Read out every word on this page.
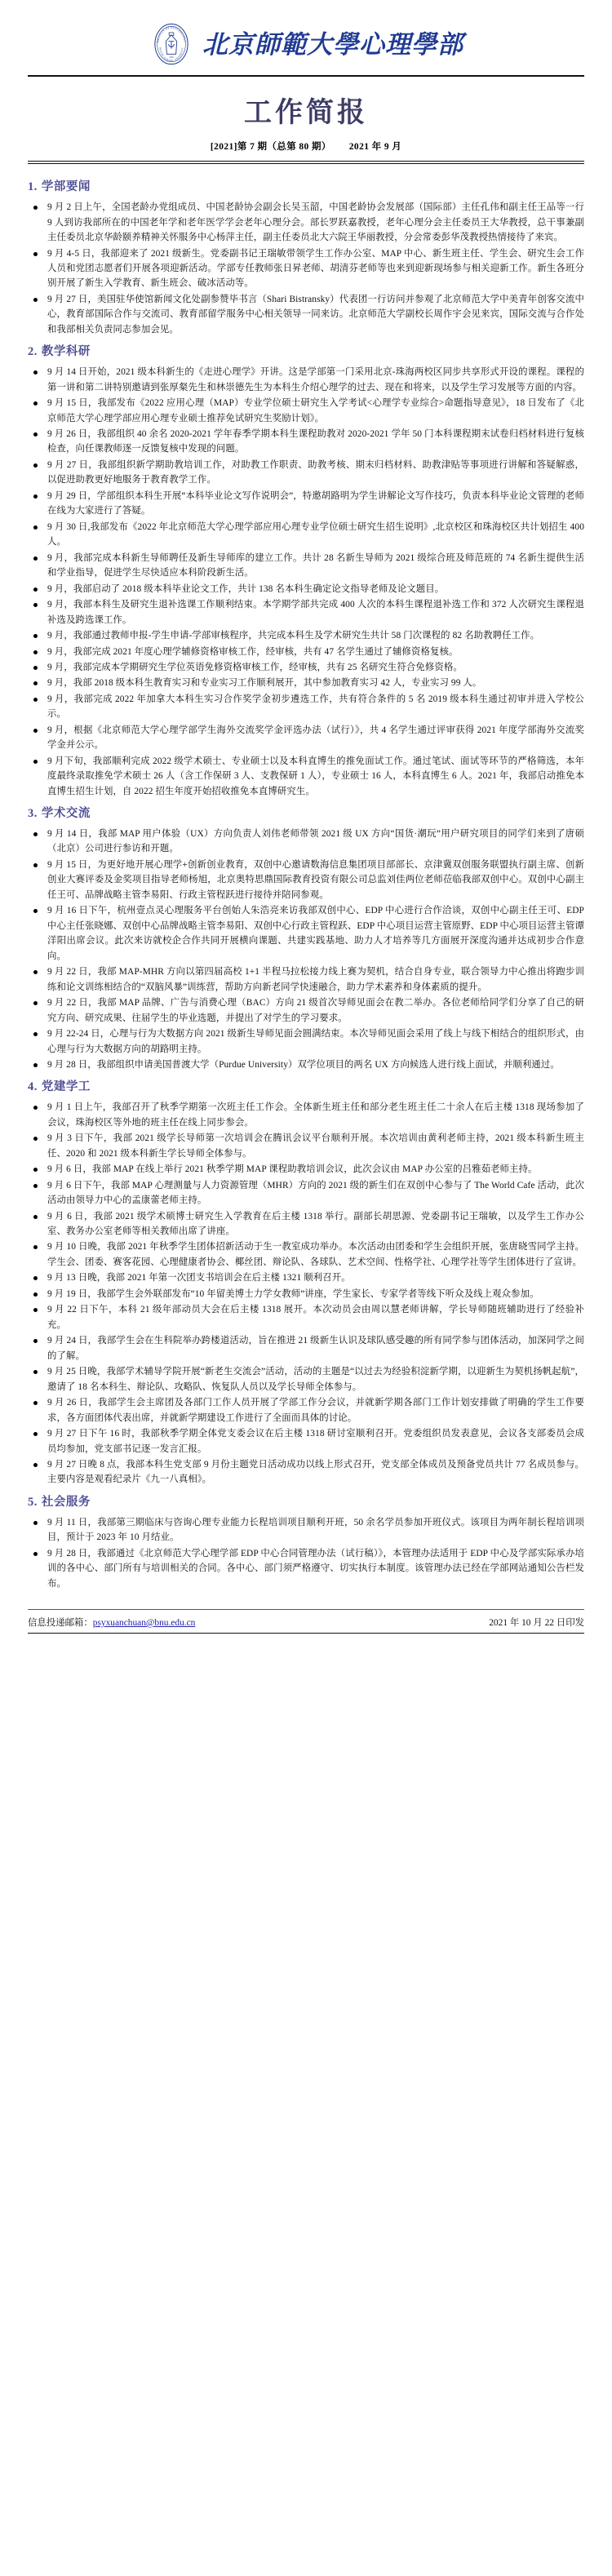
FACULTY OF PSYCHOLOGY
BEIJING NORMAL UNIVERSITY
1902 北京師範大學心理學部
工作简报
[2021]第 7 期（总第 80 期） 2021 年 9 月
1. 学部要闻
9 月 2 日上午，全国老龄办党组成员、中国老龄协会副会长吴玉韶，中国老龄协会发展部（国际部）主任孔伟和副主任王品等一行 9 人到访我部所在的中国老年学和老年医学学会老年心理分会。部长罗跃嘉教授，老年心理分会主任委员王大华教授，总干事兼副主任委员北京华龄颐养精神关怀服务中心杨萍主任，副主任委员北大六院王华丽教授，分会常委彭华茂教授热情接待了来宾。
9 月 4-5 日，我部迎来了 2021 级新生。党委副书记王瑞敏带领学生工作办公室、MAP 中心、新生班主任、学生会、研究生会工作人员和党团志愿者们开展各项迎新活动。学部专任教师张日昇老师、胡清芬老师等也来到迎新现场参与相关迎新工作。新生各班分别开展了新生入学教育、新生班会、破冰活动等。
9 月 27 日，美国驻华使馆新闻文化处副参赞毕书言（Shari Bistransky）代表团一行访问并参观了北京师范大学中美青年创客交流中心，教育部国际合作与交流司、教育部留学服务中心相关领导一同来访。北京师范大学副校长周作宇会见来宾，国际交流与合作处和我部相关负责同志参加会见。
2. 教学科研
9 月 14 日开始，2021 级本科新生的《走进心理学》开讲。这是学部第一门采用北京-珠海两校区同步共享形式开设的课程。课程的第一讲和第二讲特别邀请到张厚粲先生和林崇德先生为本科生介绍心理学的过去、现在和将来，以及学生学习发展等方面的内容。
9 月 15 日，我部发布《2022 应用心理（MAP）专业学位硕士研究生入学考试<心理学专业综合>命题指导意见》，18 日发布了《北京师范大学心理学部应用心理专业硕士推荐免试研究生奖励计划》。
9 月 26 日，我部组织 40 余名 2020-2021 学年春季学期本科生课程助教对 2020-2021 学年 50 门本科课程期末试卷归档材料进行复核检查，向任课教师逐一反馈复核中发现的问题。
9 月 27 日，我部组织新学期助教培训工作，对助教工作职责、助教考核、期末归档材料、助教津贴等事项进行讲解和答疑解惑，以促进助教更好地服务于教育教学工作。
9 月 29 日，学部组织本科生开展“本科毕业论文写作说明会”，特邀胡路明为学生讲解论文写作技巧，负责本科毕业论文管理的老师在线为大家进行了答疑。
9 月 30 日,我部发布《2022 年北京师范大学心理学部应用心理专业学位硕士研究生招生说明》,北京校区和珠海校区共计划招生 400 人。
9 月，我部完成本科新生导师聘任及新生导师库的建立工作。共计 28 名新生导师为 2021 级综合班及师范班的 74 名新生提供生活和学业指导，促进学生尽快适应本科阶段新生活。
9 月，我部启动了 2018 级本科毕业论文工作，共计 138 名本科生确定论文指导老师及论文题目。
9 月，我部本科生及研究生退补选课工作顺利结束。本学期学部共完成 400 人次的本科生课程退补选工作和 372 人次研究生课程退补选及跨选课工作。
9 月，我部通过教师申报-学生申请-学部审核程序，共完成本科生及学术研究生共计 58 门次课程的 82 名助教聘任工作。
9 月，我部完成 2021 年度心理学辅修资格审核工作，经审核，共有 47 名学生通过了辅修资格复核。
9 月，我部完成本学期研究生学位英语免修资格审核工作，经审核，共有 25 名研究生符合免修资格。
9 月，我部 2018 级本科生教育实习和专业实习工作顺利展开，其中参加教育实习 42 人，专业实习 99 人。
9 月，我部完成 2022 年加拿大本科生实习合作奖学金初步遴选工作，共有符合条件的 5 名 2019 级本科生通过初审并进入学校公示。
9 月，根据《北京师范大学心理学部学生海外交流奖学金评选办法（试行）》，共 4 名学生通过评审获得 2021 年度学部海外交流奖学金并公示。
9 月下旬，我部顺利完成 2022 级学术硕士、专业硕士以及本科直博生的推免面试工作。通过笔试、面试等环节的严格筛选，本年度最终录取推免学术硕士 26 人（含工作保研 3 人、支教保研 1 人），专业硕士 16 人，本科直博生 6 人。2021 年，我部启动推免本直博生招生计划，自 2022 招生年度开始招收推免本直博研究生。
3. 学术交流
9 月 14 日，我部 MAP 用户体验（UX）方向负责人刘伟老师带领 2021 级 UX 方向“国货·潮玩”用户研究项目的同学们来到了唐硕（北京）公司进行参访和开题。
9 月 15 日，为更好地开展心理学+创新创业教育，双创中心邀请数海信息集团项目部部长、京津冀双创服务联盟执行副主席、创新创业大赛评委及金奖项目指导老师杨旭，北京奥特思鼎国际教育投资有限公司总监刘佳两位老师莅临我部双创中心。双创中心副主任王可、品牌战略主管李易阳、行政主管程跃进行接待并陪同参观。
9 月 16 日下午，杭州壹点灵心理服务平台创始人朱浩亮来访我部双创中心、EDP 中心进行合作洽谈，双创中心副主任王可、EDP 中心主任张晓娜、双创中心品牌战略主管李易阳、双创中心行政主管程跃、EDP 中心项目运营主管原野、EDP 中心项目运营主管谭洋阳出席会议。此次来访就校企合作共同开展横向课题、共建实践基地、助力人才培养等几方面展开深度沟通并达成初步合作意向。
9 月 22 日，我部 MAP-MHR 方向以第四届高校 1+1 半程马拉松接力线上赛为契机，结合自身专业，联合领导力中心推出将跑步训练和论文训练相结合的“双脑风暴”训练营，帮助方向新老同学快速融合，助力学术素养和身体素质的提升。
9 月 22 日，我部 MAP 品牌、广告与消费心理（BAC）方向 21 级首次导师见面会在教二举办。各位老师给同学们分享了自己的研究方向、研究成果、往届学生的毕业选题，并提出了对学生的学习要求。
9 月 22-24 日，心理与行为大数据方向 2021 级新生导师见面会圆满结束。本次导师见面会采用了线上与线下相结合的组织形式，由心理与行为大数据方向的胡路明主持。
9 月 28 日，我部组织申请美国普渡大学（Purdue University）双学位项目的两名 UX 方向候选人进行线上面试，并顺利通过。
4. 党建学工
9 月 1 日上午，我部召开了秋季学期第一次班主任工作会。全体新生班主任和部分老生班主任二十余人在后主楼 1318 现场参加了会议，珠海校区等外地的班主任在线上同步参会。
9 月 3 日下午，我部 2021 级学长导师第一次培训会在腾讯会议平台顺利开展。本次培训由黄利老师主持，2021 级本科新生班主任、2020 和 2021 级本科新生学长导师全体参与。
9 月 6 日，我部 MAP 在线上举行 2021 秋季学期 MAP 课程助教培训会议，此次会议由 MAP 办公室的吕雅茹老师主持。
9 月 6 日下午，我部 MAP 心理测量与人力资源管理（MHR）方向的 2021 级的新生们在双创中心参与了 The World Cafe 活动，此次活动由领导力中心的孟康蕾老师主持。
9 月 6 日，我部 2021 级学术硕博士研究生入学教育在后主楼 1318 举行。副部长胡思源、党委副书记王瑞敏，以及学生工作办公室、教务办公室老师等相关教师出席了讲座。
9 月 10 日晚，我部 2021 年秋季学生团体招新活动于生一教室成功举办。本次活动由团委和学生会组织开展，张唐晓雪同学主持。学生会、团委、赛客花园、心理健康者协会、椰丝团、辩论队、各球队、艺术空间、性格学社、心理学社等学生团体进行了宣讲。
9 月 13 日晚，我部 2021 年第一次团支书培训会在后主楼 1321 顺利召开。
9 月 19 日，我部学生会外联部发布“10 年留美博士力学女教师”讲座，学生家长、专家学者等线下听众及线上观众参加。
9 月 22 日下午，本科 21 级年部动员大会在后主楼 1318 展开。本次动员会由周以慧老师讲解，学长导师随班辅助进行了经验补充。
9 月 24 日，我部学生会在生科院举办跨楼道活动，旨在推进 21 级新生认识及球队感受趣的所有同学参与团体活动，加深同学之间的了解。
9 月 25 日晚，我部学术辅导学院开展“新老生交流会”活动，活动的主题是“以过去为经验积淀新学期，以迎新生为契机扬帆起航”，邀请了 18 名本科生、辩论队、攻略队、恢复队人员以及学长导师全体参与。
9 月 26 日，我部学生会主席团及各部门工作人员开展了学部工作分会议，并就新学期各部门工作计划安排做了明确的学生工作要求，各方面团体代表出席，并就新学期建设工作进行了全面而具体的讨论。
9 月 27 日下午 16 时，我部秋季学期全体党支委会议在后主楼 1318 研讨室顺利召开。党委组织员发表意见，会议各支部委员会成员均参加，党支部书记逐一发言汇报。
9 月 27 日晚 8 点，我部本科生党支部 9 月份主题党日活动成功以线上形式召开，党支部全体成员及预备党员共计 77 名成员参与。主要内容是观看纪录片《九一八真相》。
5. 社会服务
9 月 11 日，我部第三期临床与咨询心理专业能力长程培训项目顺利开班，50 余名学员参加开班仪式。该项目为两年制长程培训项目，预计于 2023 年 10 月结业。
9 月 28 日，我部通过《北京师范大学心理学部 EDP 中心合同管理办法（试行稿）》，本管理办法适用于 EDP 中心及学部实际承办培训的各中心、部门所有与培训相关的合同。各中心、部门须严格遵守、切实执行本制度。该管理办法已经在学部网站通知公告栏发布。
信息投递邮箱：psyxuanchuan@bnu.edu.cn	2021 年 10 月 22 日印发
